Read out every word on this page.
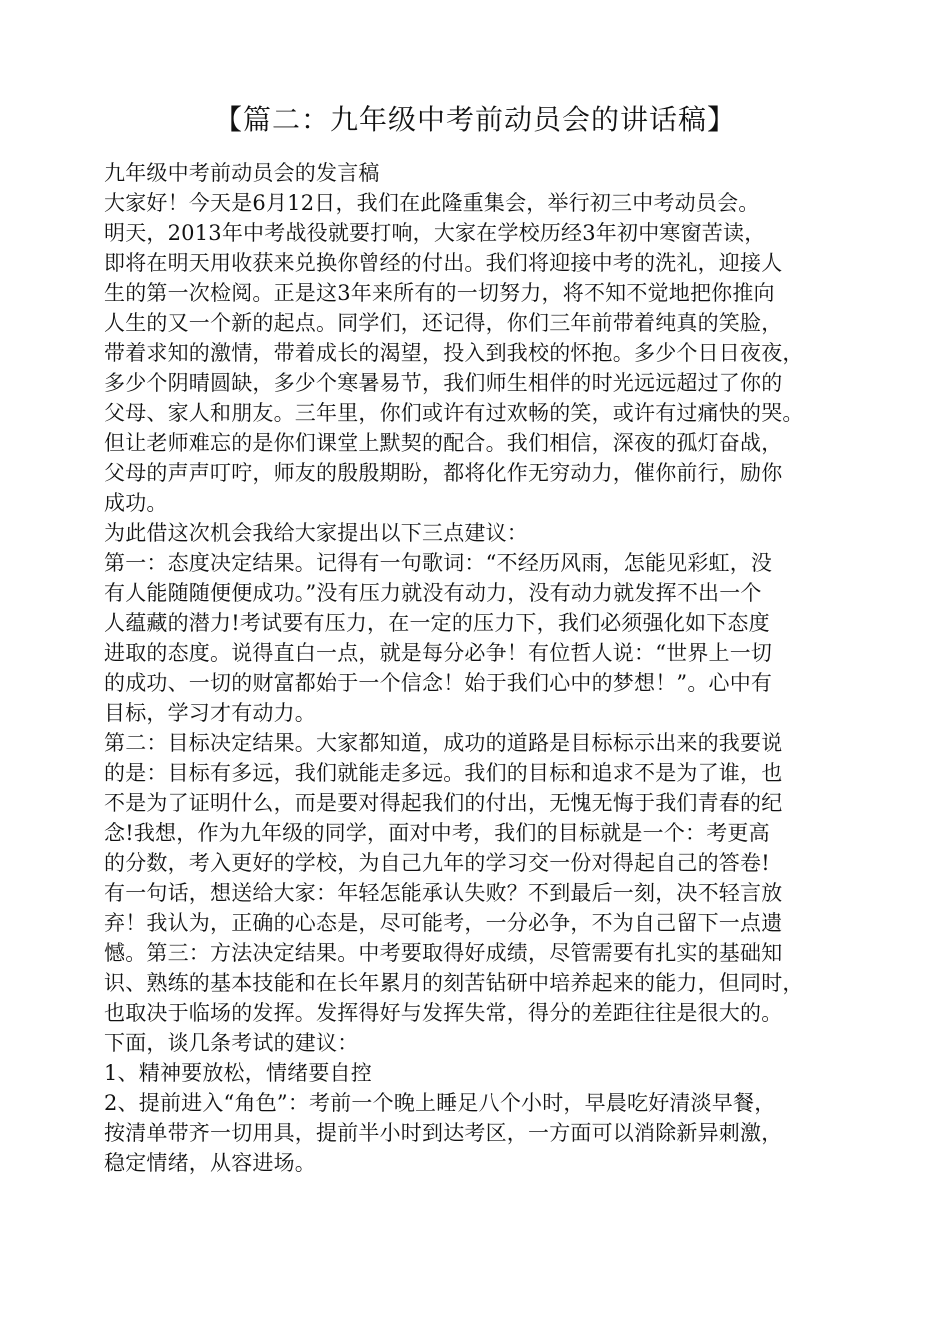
【篇二：九年级中考前动员会的讲话稿】
九年级中考前动员会的发言稿
大家好！今天是6月12日，我们在此隆重集会，举行初三中考动员会。
明天，2013年中考战役就要打响，大家在学校历经3年初中寒窗苦读，
即将在明天用收获来兑换你曾经的付出。我们将迎接中考的洗礼，迎接人
生的第一次检阅。正是这3年来所有的一切努力，将不知不觉地把你推向
人生的又一个新的起点。同学们，还记得，你们三年前带着纯真的笑脸，
带着求知的激情，带着成长的渴望，投入到我校的怀抱。多少个日日夜夜，
多少个阴晴圆缺，多少个寒暑易节，我们师生相伴的时光远远超过了你的
父母、家人和朋友。三年里，你们或许有过欢畅的笑，或许有过痛快的哭。
但让老师难忘的是你们课堂上默契的配合。我们相信，深夜的孤灯奋战，
父母的声声叮咛，师友的殷殷期盼，都将化作无穷动力，催你前行，励你
成功。
为此借这次机会我给大家提出以下三点建议：
第一：态度决定结果。记得有一句歌词：“不经历风雨，怎能见彩虹，没
有人能随随便便成功。”没有压力就没有动力，没有动力就发挥不出一个
人蕴藏的潜力!考试要有压力，在一定的压力下，我们必须强化如下态度
进取的态度。说得直白一点，就是每分必争！有位哲人说：“世界上一切
的成功、一切的财富都始于一个信念！始于我们心中的梦想！”。心中有
目标，学习才有动力。
第二：目标决定结果。大家都知道，成功的道路是目标标示出来的我要说
的是：目标有多远，我们就能走多远。我们的目标和追求不是为了谁，也
不是为了证明什么，而是要对得起我们的付出，无愧无悔于我们青春的纪
念!我想，作为九年级的同学，面对中考，我们的目标就是一个：考更高
的分数，考入更好的学校，为自己九年的学习交一份对得起自己的答卷!
有一句话，想送给大家：年轻怎能承认失败？不到最后一刻，决不轻言放
弃！我认为，正确的心态是，尽可能考，一分必争，不为自己留下一点遗
憾。第三：方法决定结果。中考要取得好成绩，尽管需要有扎实的基础知
识、熟练的基本技能和在长年累月的刻苦钻研中培养起来的能力，但同时，
也取决于临场的发挥。发挥得好与发挥失常，得分的差距往往是很大的。
下面，谈几条考试的建议：
1、精神要放松，情绪要自控
2、提前进入“角色”：考前一个晚上睡足八个小时，早晨吃好清淡早餐，
按清单带齐一切用具，提前半小时到达考区，一方面可以消除新异刺激，
稳定情绪，从容进场。
